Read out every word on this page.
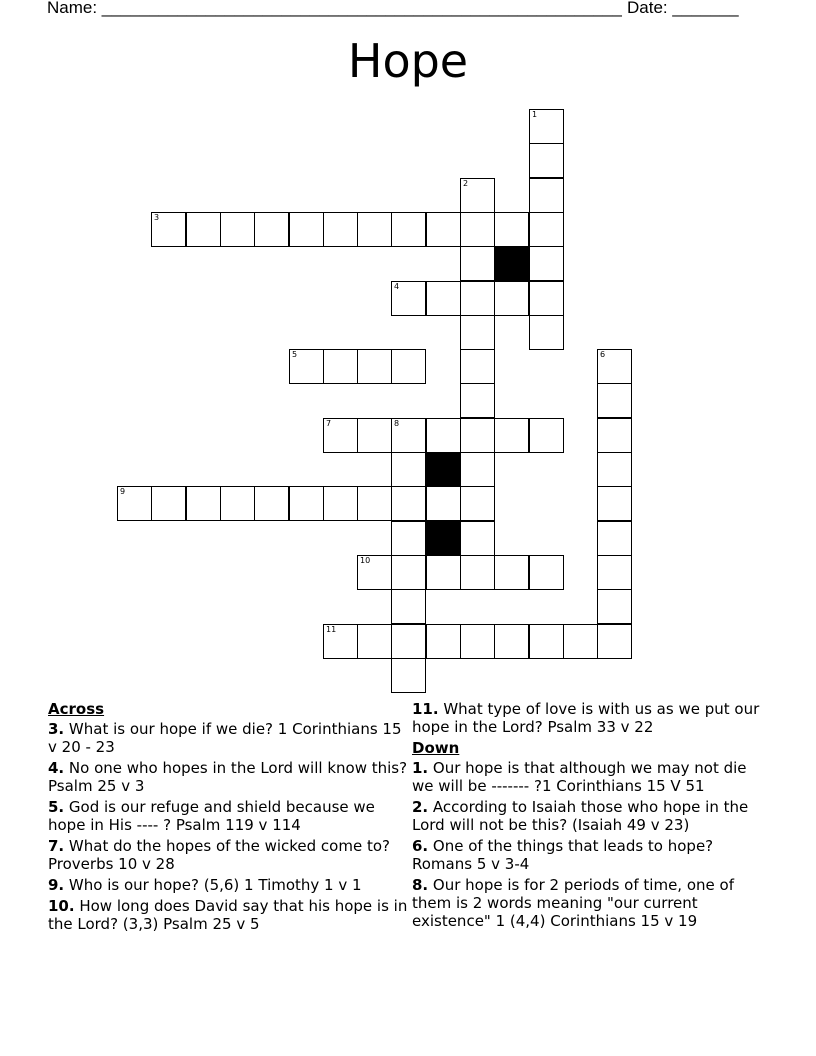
Name: _______________________________________________________ Date: _______
Hope
1
2
3
4
5	6
7	8
9
10
11
Across
3. What is our hope if we die? 1 Corinthians 15 v 20 - 23
4. No one who hopes in the Lord will know this? Psalm 25 v 3
5. God is our refuge and shield because we hope in His ---- ? Psalm 119 v 114
7. What do the hopes of the wicked come to? Proverbs 10 v 28
9. Who is our hope? (5,6) 1 Timothy 1 v 1
10. How long does David say that his hope is in the Lord? (3,3) Psalm 25 v 5
11. What type of love is with us as we put our hope in the Lord? Psalm 33 v 22
Down
1. Our hope is that although we may not die we will be ------- ?1 Corinthians 15 V 51
2. According to Isaiah those who hope in the Lord will not be this? (Isaiah 49 v 23)
6. One of the things that leads to hope? Romans 5 v 3-4
8. Our hope is for 2 periods of time, one of them is 2 words meaning "our current existence" 1 (4,4) Corinthians 15 v 19
